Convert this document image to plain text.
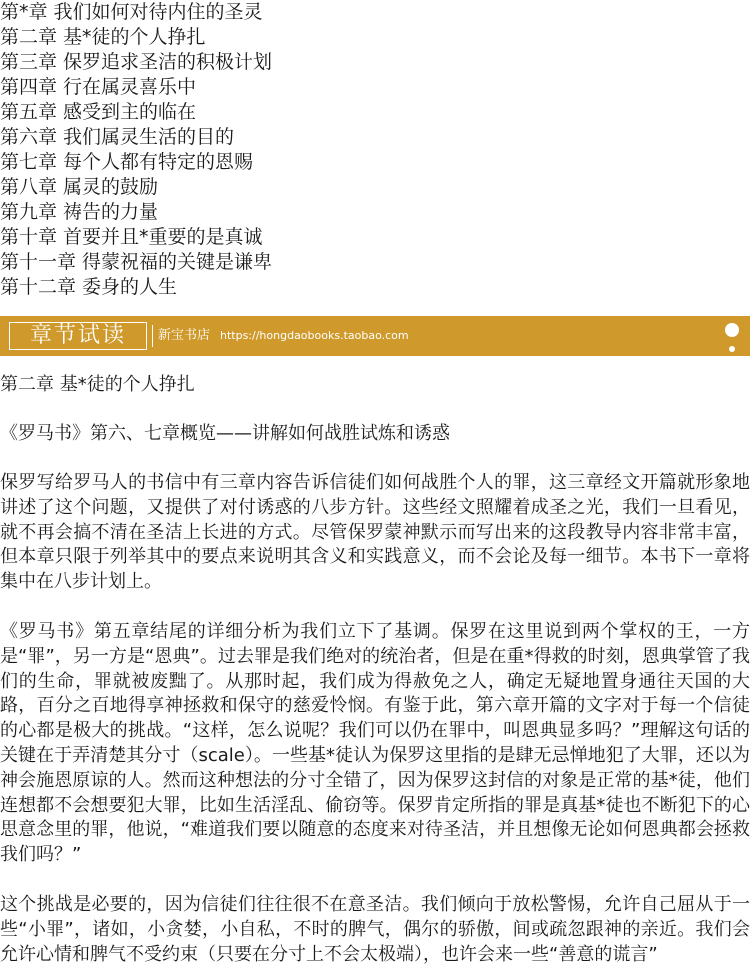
第*章 我们如何对待内住的圣灵
第二章 基*徒的个人挣扎
第三章 保罗追求圣洁的积极计划
第四章 行在属灵喜乐中
第五章 感受到主的临在
第六章 我们属灵生活的目的
第七章 每个人都有特定的恩赐
第八章 属灵的鼓励
第九章 祷告的力量
第十章 首要并且*重要的是真诚
第十一章 得蒙祝福的关键是谦卑
第十二章 委身的人生
章节试读	新宝书店 https://hongdaobooks.taobao.com
第二章 基*徒的个人挣扎
《罗马书》第六、七章概览——讲解如何战胜试炼和诱惑
保罗写给罗马人的书信中有三章内容告诉信徒们如何战胜个人的罪，这三章经文开篇就形象地讲述了这个问题，又提供了对付诱惑的八步方针。这些经文照耀着成圣之光，我们一旦看见，就不再会搞不清在圣洁上长进的方式。尽管保罗蒙神默示而写出来的这段教导内容非常丰富，但本章只限于列举其中的要点来说明其含义和实践意义，而不会论及每一细节。本书下一章将集中在八步计划上。
《罗马书》第五章结尾的详细分析为我们立下了基调。保罗在这里说到两个掌权的王，一方是“罪”，另一方是“恩典”。过去罪是我们绝对的统治者，但是在重*得救的时刻，恩典掌管了我们的生命，罪就被废黜了。从那时起，我们成为得赦免之人，确定无疑地置身通往天国的大路，百分之百地得享神拯救和保守的慈爱怜悯。有鉴于此，第六章开篇的文字对于每一个信徒的心都是极大的挑战。“这样，怎么说呢？我们可以仍在罪中，叫恩典显多吗？”理解这句话的关键在于弄清楚其分寸（scale）。一些基*徒认为保罗这里指的是肆无忌惮地犯了大罪，还以为神会施恩原谅的人。然而这种想法的分寸全错了，因为保罗这封信的对象是正常的基*徒，他们连想都不会想要犯大罪，比如生活淫乱、偷窃等。保罗肯定所指的罪是真基*徒也不断犯下的心思意念里的罪，他说，“难道我们要以随意的态度来对待圣洁，并且想像无论如何恩典都会拯救我们吗？”
这个挑战是必要的，因为信徒们往往很不在意圣洁。我们倾向于放松警惕，允许自己屈从于一些“小罪”，诸如，小贪婪，小自私，不时的脾气，偶尔的骄傲，间或疏忽跟神的亲近。我们会允许心情和脾气不受约束（只要在分寸上不会太极端），也许会来一些“善意的谎言”
